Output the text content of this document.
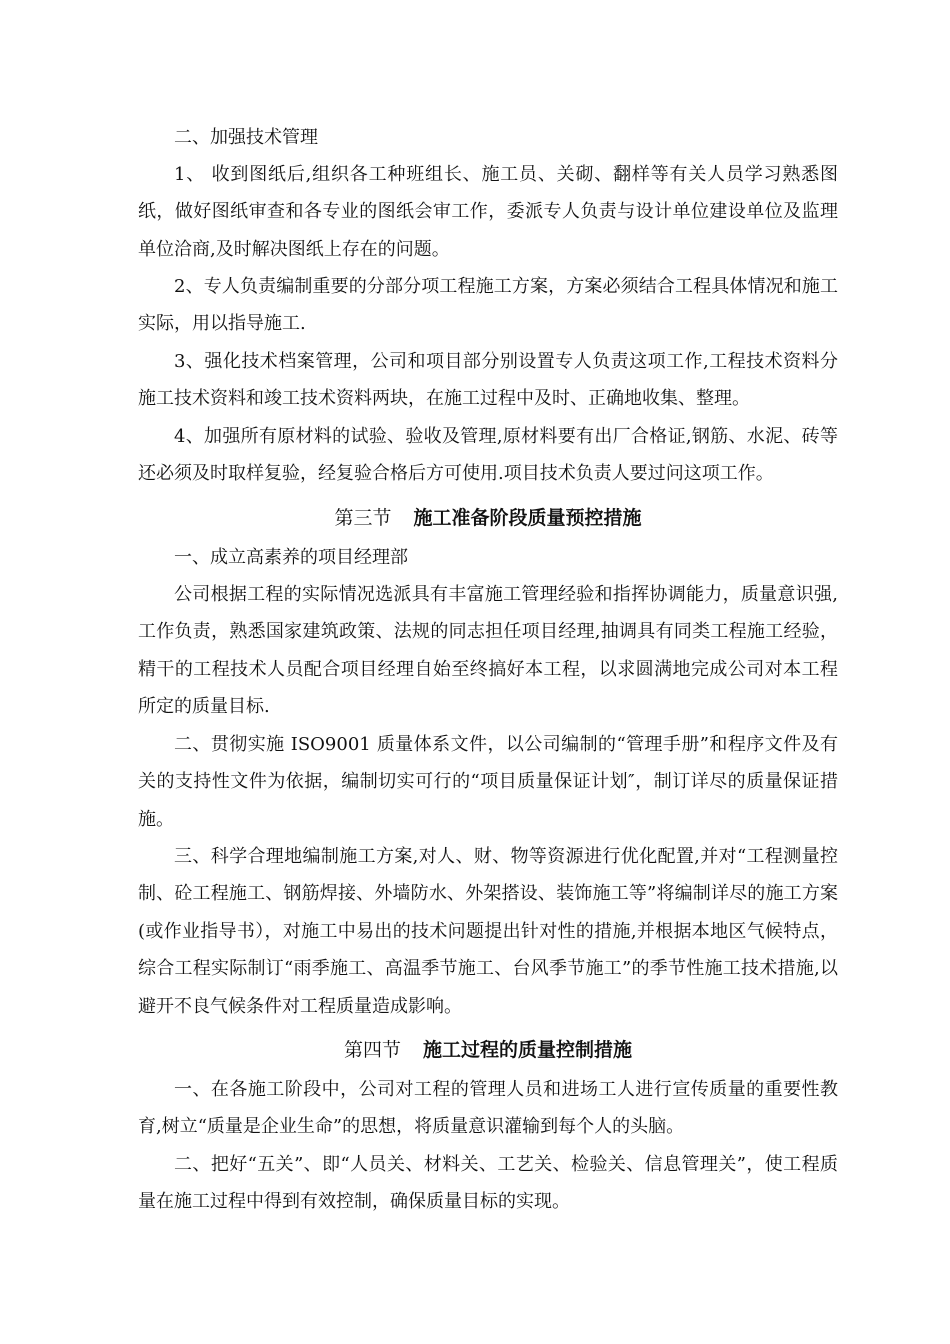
二、加强技术管理

1、 收到图纸后,组织各工种班组长、施工员、关砌、翻样等有关人员学习熟悉图纸，做好图纸审查和各专业的图纸会审工作，委派专人负责与设计单位建设单位及监理单位洽商,及时解决图纸上存在的问题。

2、专人负责编制重要的分部分项工程施工方案，方案必须结合工程具体情况和施工实际，用以指导施工.

3、强化技术档案管理，公司和项目部分别设置专人负责这项工作,工程技术资料分施工技术资料和竣工技术资料两块，在施工过程中及时、正确地收集、整理。

4、加强所有原材料的试验、验收及管理,原材料要有出厂合格证,钢筋、水泥、砖等还必须及时取样复验，经复验合格后方可使用.项目技术负责人要过问这项工作。

第三节 施工准备阶段质量预控措施

一、成立高素养的项目经理部

公司根据工程的实际情况选派具有丰富施工管理经验和指挥协调能力，质量意识强,工作负责，熟悉国家建筑政策、法规的同志担任项目经理,抽调具有同类工程施工经验，精干的工程技术人员配合项目经理自始至终搞好本工程，以求圆满地完成公司对本工程所定的质量目标.

二、贯彻实施 ISO9001 质量体系文件，以公司编制的“管理手册”和程序文件及有关的支持性文件为依据，编制切实可行的“项目质量保证计划″，制订详尽的质量保证措施。

三、科学合理地编制施工方案,对人、财、物等资源进行优化配置,并对“工程测量控制、砼工程施工、钢筋焊接、外墙防水、外架搭设、装饰施工等”将编制详尽的施工方案(或作业指导书），对施工中易出的技术问题提出针对性的措施,并根据本地区气候特点，综合工程实际制订“雨季施工、高温季节施工、台风季节施工”的季节性施工技术措施,以避开不良气候条件对工程质量造成影响。

第四节 施工过程的质量控制措施

一、在各施工阶段中，公司对工程的管理人员和进场工人进行宣传质量的重要性教育,树立“质量是企业生命”的思想，将质量意识灌输到每个人的头脑。

二、把好“五关”、即“人员关、材料关、工艺关、检验关、信息管理关”，使工程质量在施工过程中得到有效控制，确保质量目标的实现。
